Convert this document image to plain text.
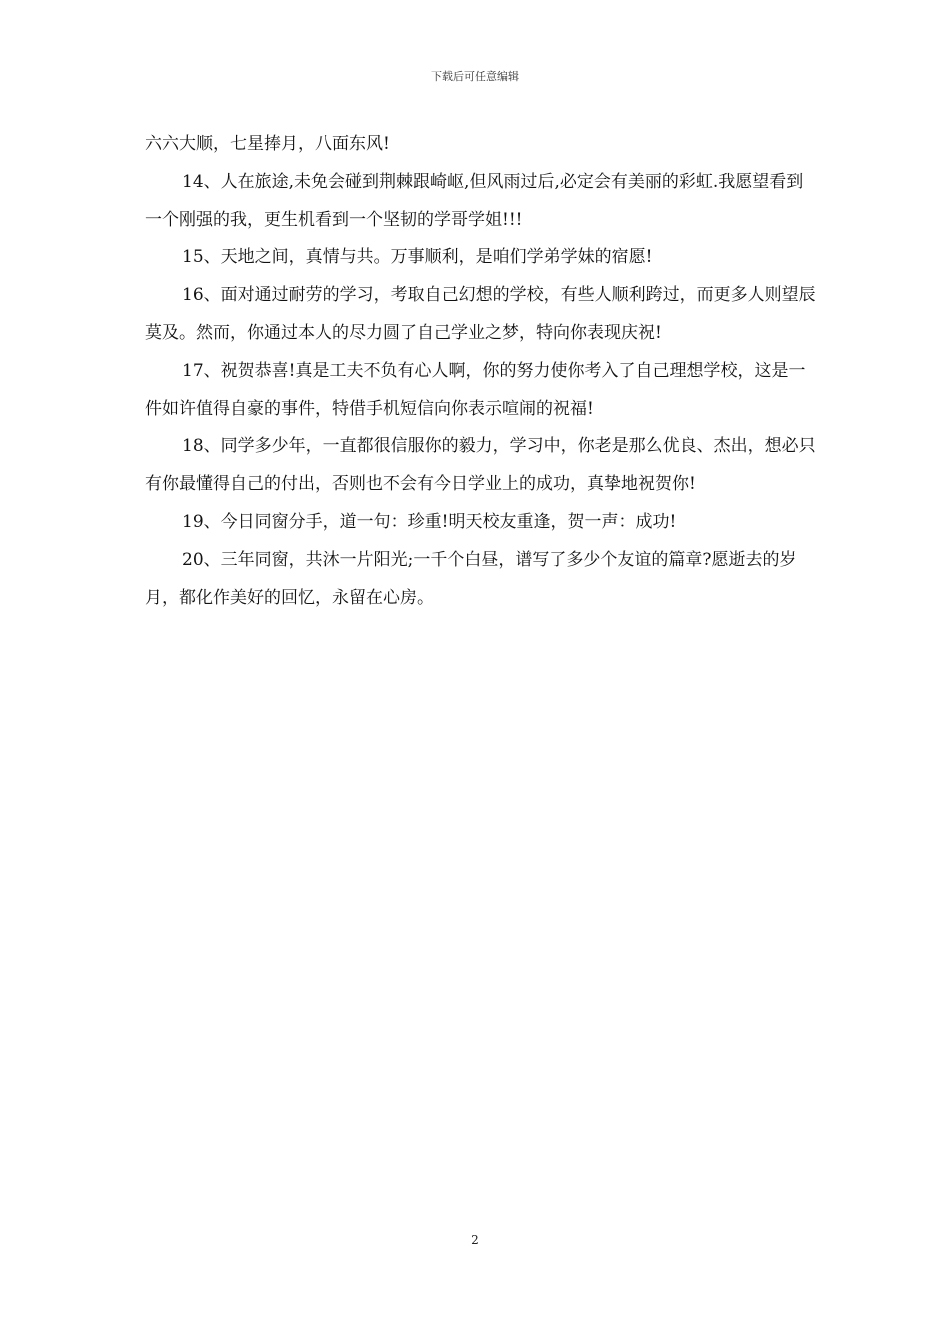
下载后可任意编辑

六六大顺，七星捧月，八面东风!

14、人在旅途,未免会碰到荆棘跟崎岖,但风雨过后,必定会有美丽的彩虹.我愿望看到一个刚强的我，更生机看到一个坚韧的学哥学姐!!!

15、天地之间，真情与共。万事顺利，是咱们学弟学妹的宿愿!

16、面对通过耐劳的学习，考取自己幻想的学校，有些人顺利跨过，而更多人则望辰莫及。然而，你通过本人的尽力圆了自己学业之梦，特向你表现庆祝!

17、祝贺恭喜!真是工夫不负有心人啊，你的努力使你考入了自己理想学校，这是一件如许值得自豪的事件，特借手机短信向你表示喧闹的祝福!

18、同学多少年，一直都很信服你的毅力，学习中，你老是那么优良、杰出，想必只有你最懂得自己的付出，否则也不会有今日学业上的成功，真挚地祝贺你!

19、今日同窗分手，道一句：珍重!明天校友重逢，贺一声：成功!

20、三年同窗，共沐一片阳光;一千个白昼，谱写了多少个友谊的篇章?愿逝去的岁月，都化作美好的回忆，永留在心房。

2
